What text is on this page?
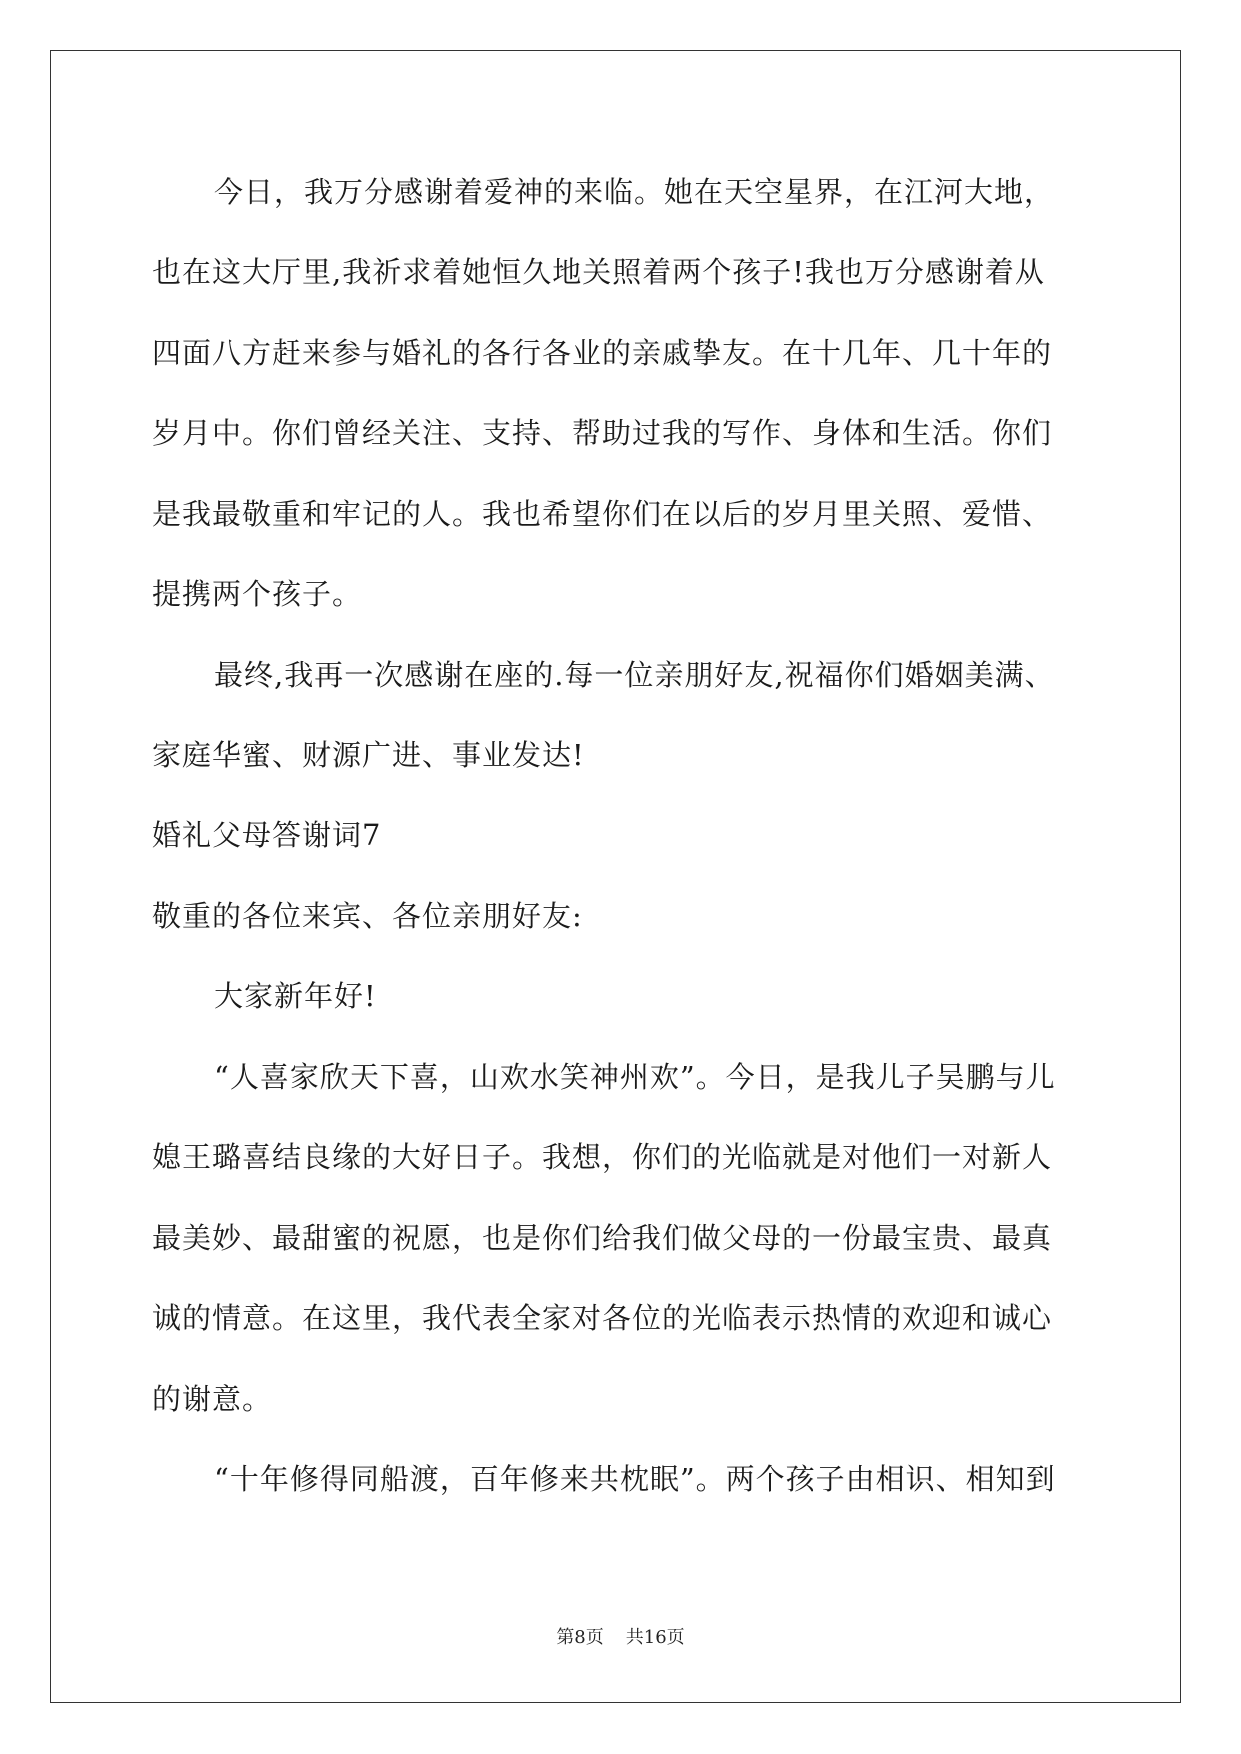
今日，我万分感谢着爱神的来临。她在天空星界，在江河大地，

也在这大厅里,我祈求着她恒久地关照着两个孩子!我也万分感谢着从

四面八方赶来参与婚礼的各行各业的亲戚挚友。在十几年、几十年的

岁月中。你们曾经关注、支持、帮助过我的写作、身体和生活。你们

是我最敬重和牢记的人。我也希望你们在以后的岁月里关照、爱惜、

提携两个孩子。

最终,我再一次感谢在座的.每一位亲朋好友,祝福你们婚姻美满、

家庭华蜜、财源广进、事业发达!

婚礼父母答谢词7

敬重的各位来宾、各位亲朋好友:

大家新年好!

“人喜家欣天下喜，山欢水笑神州欢”。今日，是我儿子吴鹏与儿

媳王璐喜结良缘的大好日子。我想，你们的光临就是对他们一对新人

最美妙、最甜蜜的祝愿，也是你们给我们做父母的一份最宝贵、最真

诚的情意。在这里，我代表全家对各位的光临表示热情的欢迎和诚心

的谢意。

“十年修得同船渡，百年修来共枕眠”。两个孩子由相识、相知到

第8页 共16页
